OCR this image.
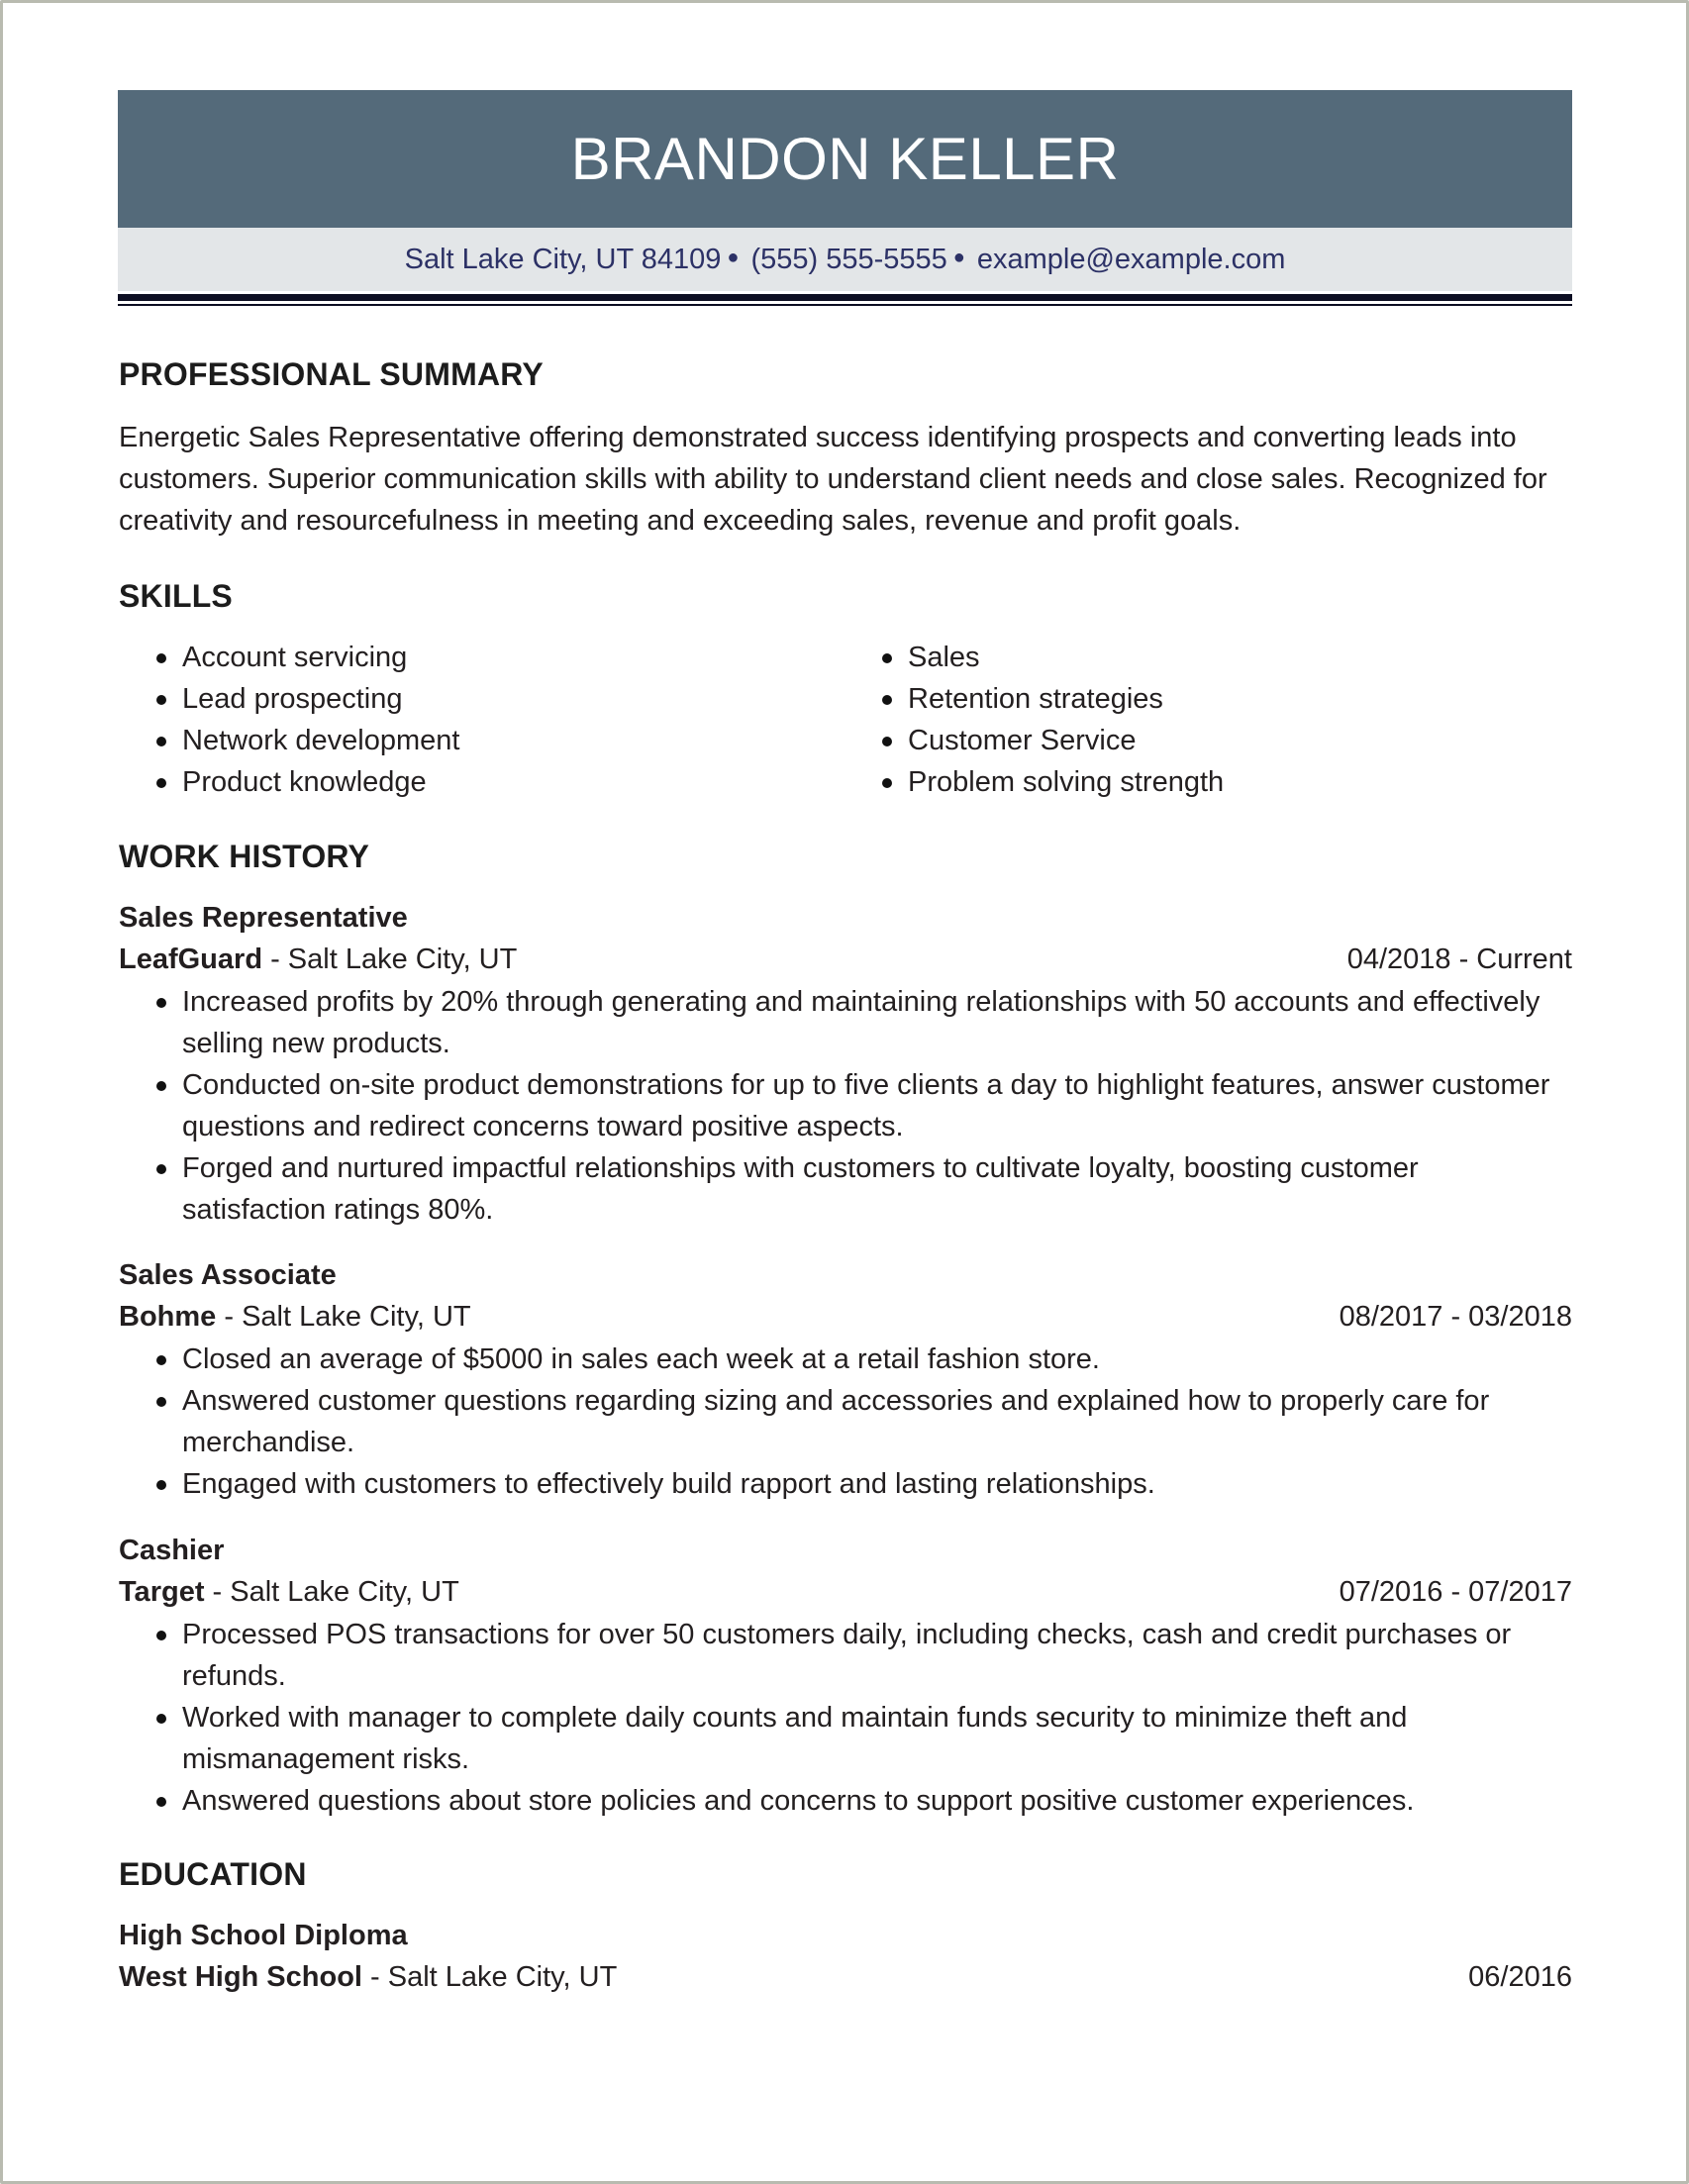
BRANDON KELLER
Salt Lake City, UT 84109 ● (555) 555-5555 ● example@example.com
PROFESSIONAL SUMMARY
Energetic Sales Representative offering demonstrated success identifying prospects and converting leads into customers. Superior communication skills with ability to understand client needs and close sales. Recognized for creativity and resourcefulness in meeting and exceeding sales, revenue and profit goals.
SKILLS
Account servicing
Lead prospecting
Network development
Product knowledge
Sales
Retention strategies
Customer Service
Problem solving strength
WORK HISTORY
Sales Representative
LeafGuard - Salt Lake City, UT	04/2018 - Current
Increased profits by 20% through generating and maintaining relationships with 50 accounts and effectively selling new products.
Conducted on-site product demonstrations for up to five clients a day to highlight features, answer customer questions and redirect concerns toward positive aspects.
Forged and nurtured impactful relationships with customers to cultivate loyalty, boosting customer satisfaction ratings 80%.
Sales Associate
Bohme - Salt Lake City, UT	08/2017 - 03/2018
Closed an average of $5000 in sales each week at a retail fashion store.
Answered customer questions regarding sizing and accessories and explained how to properly care for merchandise.
Engaged with customers to effectively build rapport and lasting relationships.
Cashier
Target - Salt Lake City, UT	07/2016 - 07/2017
Processed POS transactions for over 50 customers daily, including checks, cash and credit purchases or refunds.
Worked with manager to complete daily counts and maintain funds security to minimize theft and mismanagement risks.
Answered questions about store policies and concerns to support positive customer experiences.
EDUCATION
High School Diploma
West High School - Salt Lake City, UT	06/2016
